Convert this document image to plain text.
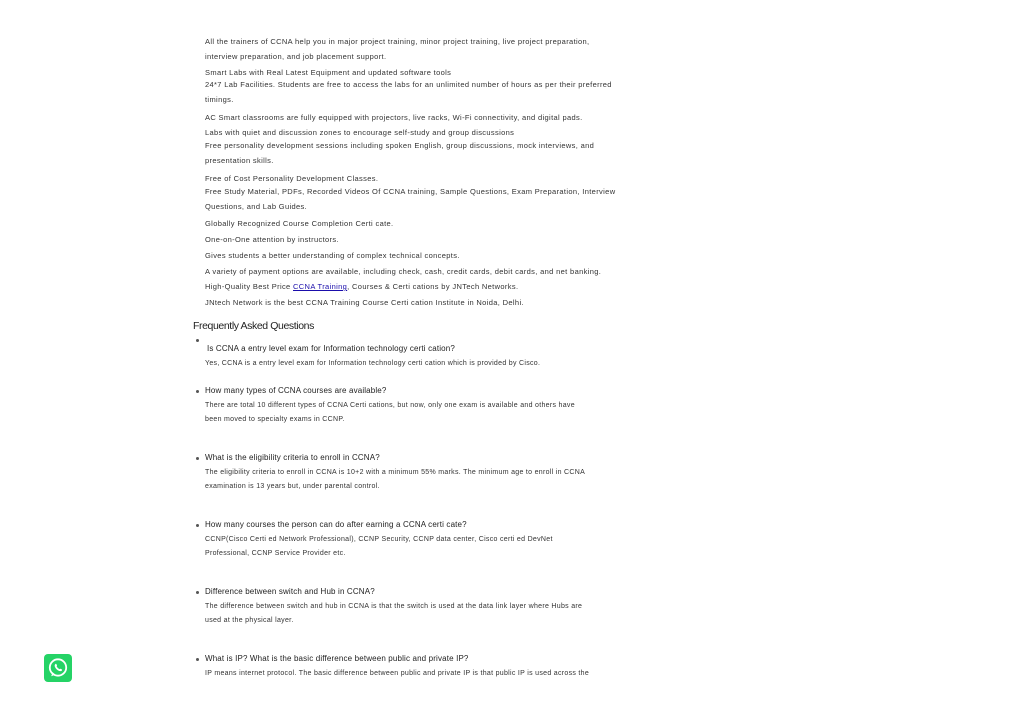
All the trainers of CCNA help you in major project training, minor project training, live project preparation,
interview preparation, and job placement support.
Smart Labs with Real Latest Equipment and updated software tools
24*7 Lab Facilities. Students are free to access the labs for an unlimited number of hours as per their preferred
timings.
AC Smart classrooms are fully equipped with projectors, live racks, Wi-Fi connectivity, and digital pads.
Labs with quiet and discussion zones to encourage self-study and group discussions
Free personality development sessions including spoken English, group discussions, mock interviews, and
presentation skills.
Free of Cost Personality Development Classes.
Free Study Material, PDFs, Recorded Videos Of CCNA training, Sample Questions, Exam Preparation, Interview
Questions, and Lab Guides.
Globally Recognized Course Completion Certi cate.
One-on-One attention by instructors.
Gives students a better understanding of complex technical concepts.
A variety of payment options are available, including check, cash, credit cards, debit cards, and net banking.
High-Quality Best Price CCNA Training, Courses & Certi cations by JNTech Networks.
JNtech Network is the best CCNA Training Course Certi cation Institute in Noida, Delhi.
Frequently Asked Questions
Is CCNA a entry level exam for Information technology certi cation?
Yes, CCNA is a entry level exam for Information technology certi cation which is provided by Cisco.
How many types of CCNA courses are available?
There are total 10 different types of CCNA Certi cations, but now, only one exam is available and others have
been moved to specialty exams in CCNP.
What is the eligibility criteria to enroll in CCNA?
The eligibility criteria to enroll in CCNA is 10+2 with a minimum 55% marks. The minimum age to enroll in CCNA
examination is 13 years but, under parental control.
How many courses the person can do after earning a CCNA certi cate?
CCNP(Cisco Certi ed Network Professional), CCNP Security, CCNP data center, Cisco certi ed DevNet
Professional, CCNP Service Provider etc.
Difference between switch and Hub in CCNA?
The difference between switch and hub in CCNA is that the switch is used at the data link layer where Hubs are
used at the physical layer.
What is IP? What is the basic difference between public and private IP?
IP means internet protocol. The basic difference between public and private IP is that public IP is used across the
